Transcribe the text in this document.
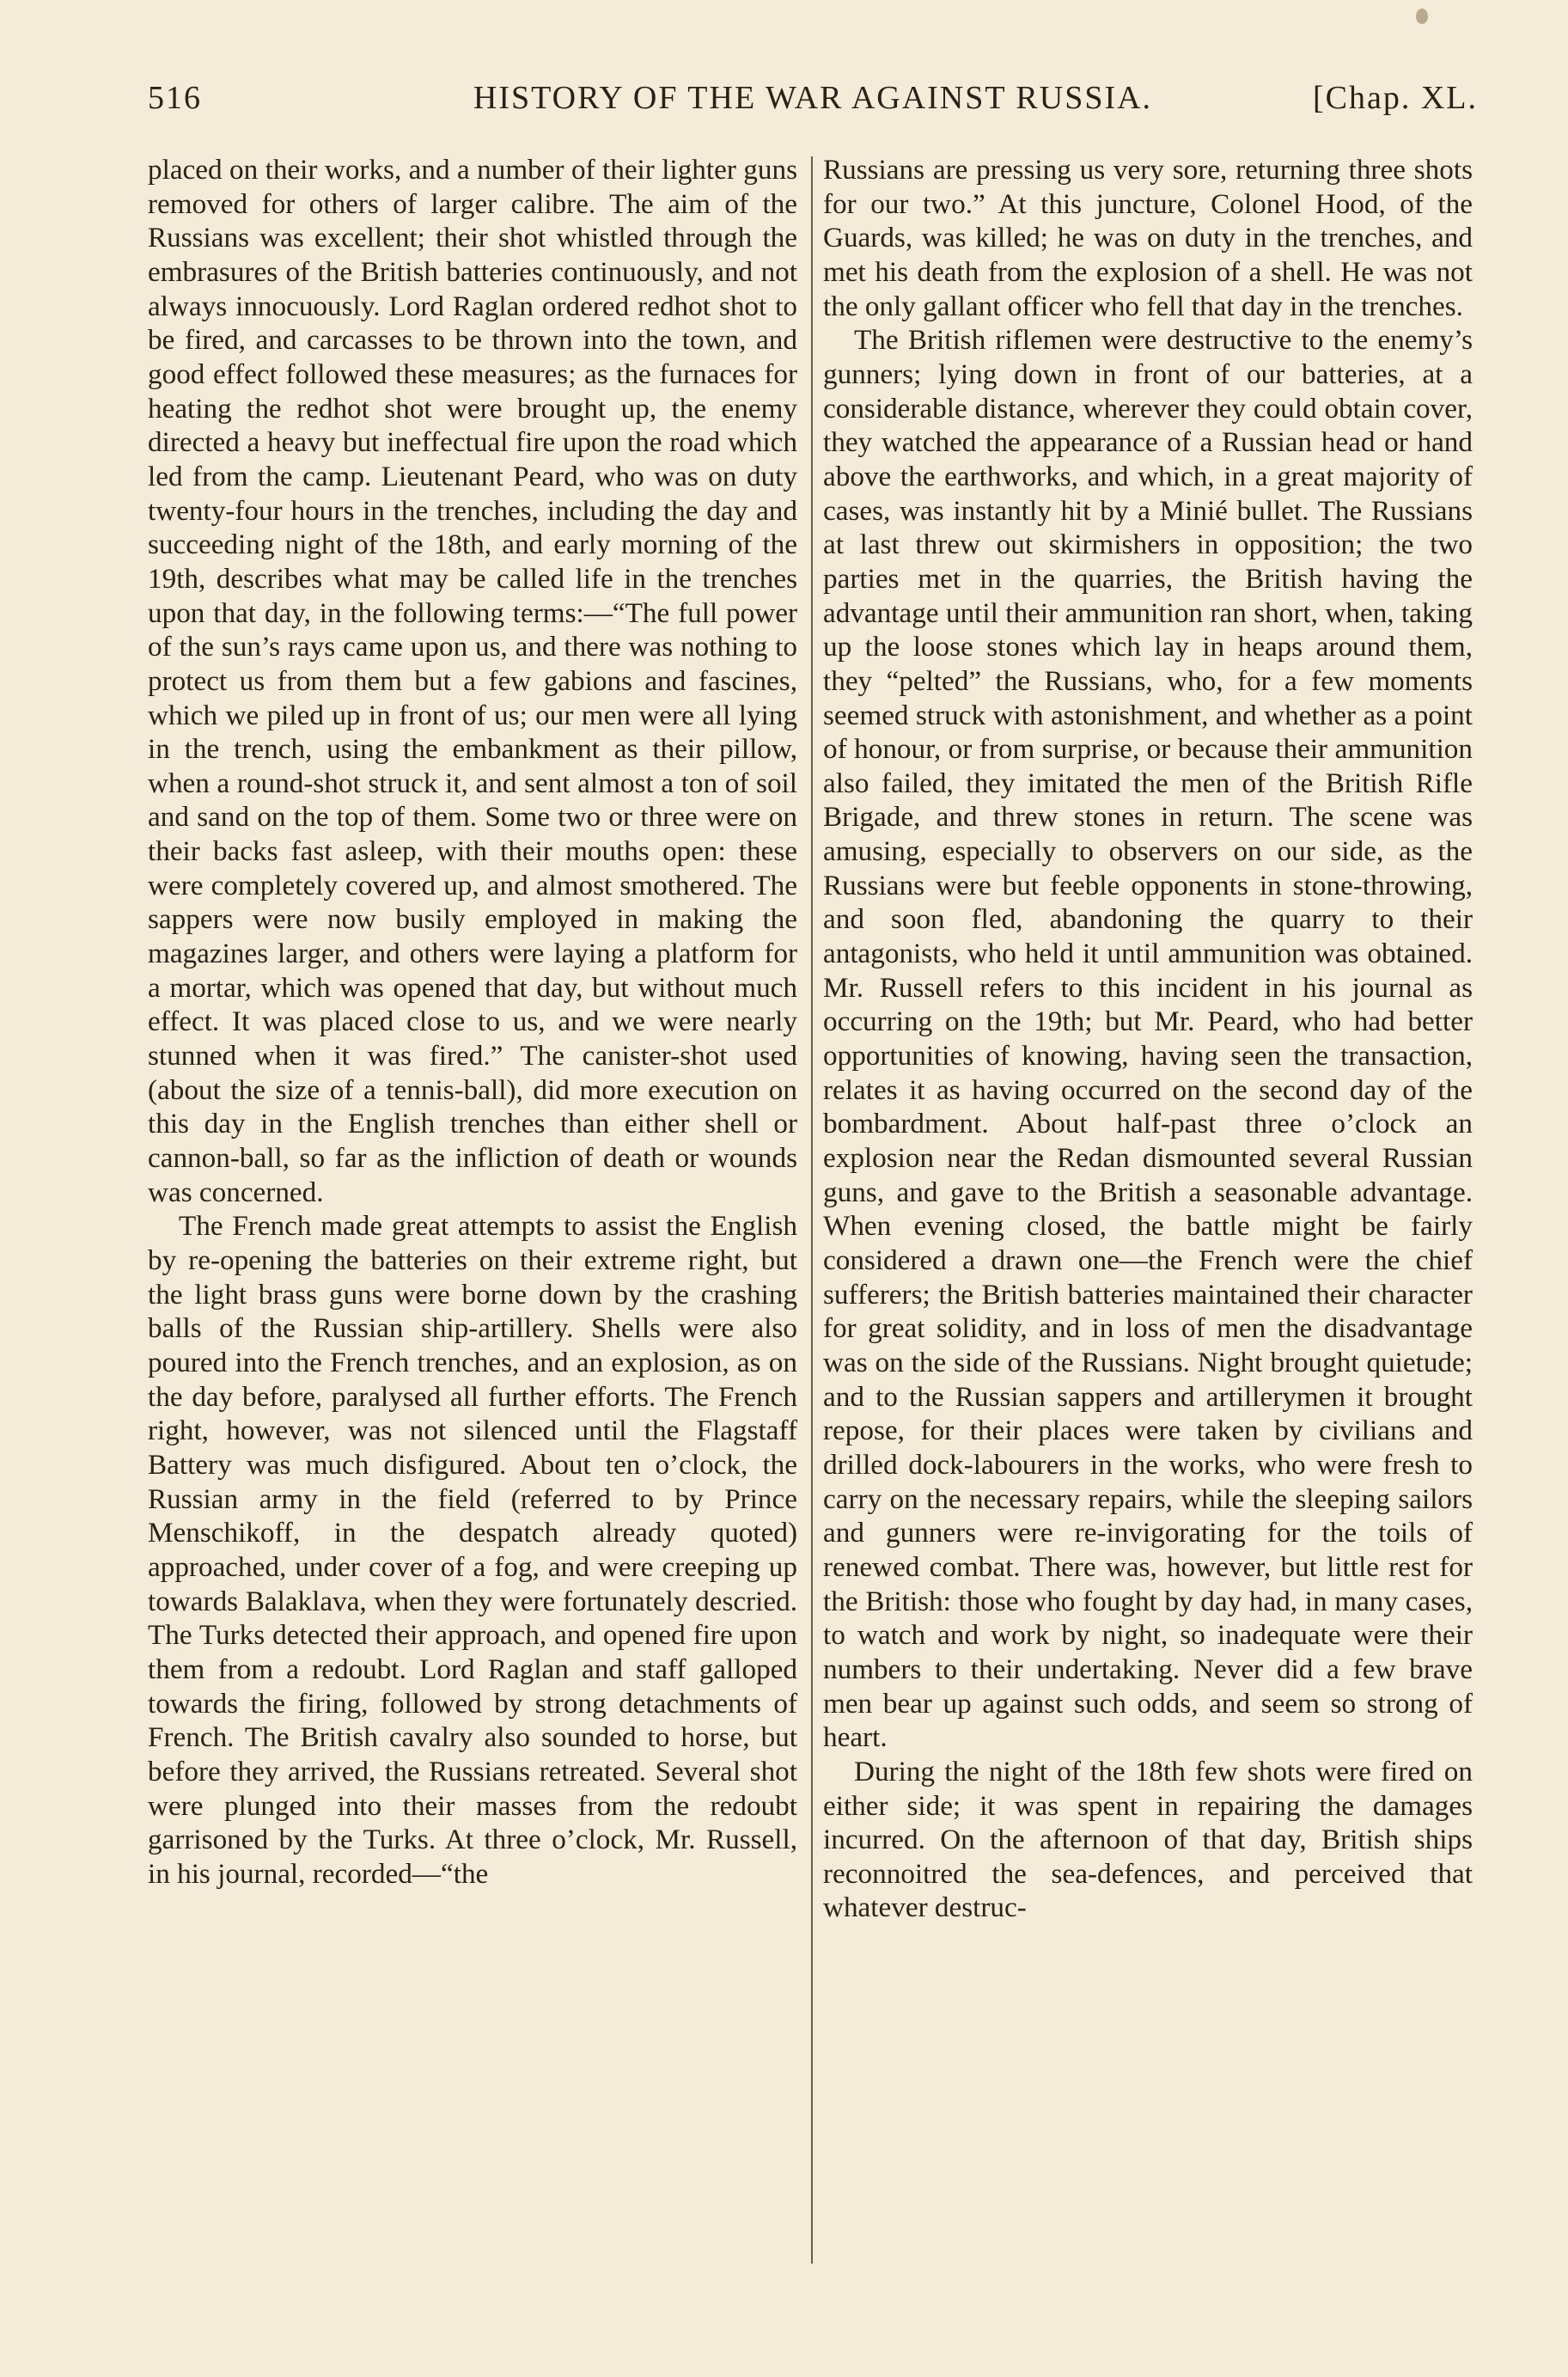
516	HISTORY OF THE WAR AGAINST RUSSIA.	[Chap. XL.

placed on their works, and a number of their lighter guns removed for others of larger calibre. The aim of the Russians was excellent; their shot whistled through the embrasures of the British batteries continuously, and not always innocuously. Lord Raglan ordered redhot shot to be fired, and carcasses to be thrown into the town, and good effect followed these measures; as the furnaces for heating the redhot shot were brought up, the enemy directed a heavy but ineffectual fire upon the road which led from the camp. Lieutenant Peard, who was on duty twenty-four hours in the trenches, including the day and succeeding night of the 18th, and early morning of the 19th, describes what may be called life in the trenches upon that day, in the following terms:—“The full power of the sun’s rays came upon us, and there was nothing to protect us from them but a few gabions and fascines, which we piled up in front of us; our men were all lying in the trench, using the embankment as their pillow, when a round-shot struck it, and sent almost a ton of soil and sand on the top of them. Some two or three were on their backs fast asleep, with their mouths open: these were completely covered up, and almost smothered. The sappers were now busily employed in making the magazines larger, and others were laying a platform for a mortar, which was opened that day, but without much effect. It was placed close to us, and we were nearly stunned when it was fired.” The canister-shot used (about the size of a tennis-ball), did more execution on this day in the English trenches than either shell or cannon-ball, so far as the infliction of death or wounds was concerned.

The French made great attempts to assist the English by re-opening the batteries on their extreme right, but the light brass guns were borne down by the crashing balls of the Russian ship-artillery. Shells were also poured into the French trenches, and an explosion, as on the day before, paralysed all further efforts. The French right, however, was not silenced until the Flagstaff Battery was much disfigured. About ten o’clock, the Russian army in the field (referred to by Prince Menschikoff, in the despatch already quoted) approached, under cover of a fog, and were creeping up towards Balaklava, when they were fortunately descried. The Turks detected their approach, and opened fire upon them from a redoubt. Lord Raglan and staff galloped towards the firing, followed by strong detachments of French. The British cavalry also sounded to horse, but before they arrived, the Russians retreated. Several shot were plunged into their masses from the redoubt garrisoned by the Turks. At three o’clock, Mr. Russell, in his journal, recorded—“the

Russians are pressing us very sore, returning three shots for our two.” At this juncture, Colonel Hood, of the Guards, was killed; he was on duty in the trenches, and met his death from the explosion of a shell. He was not the only gallant officer who fell that day in the trenches.

The British riflemen were destructive to the enemy’s gunners; lying down in front of our batteries, at a considerable distance, wherever they could obtain cover, they watched the appearance of a Russian head or hand above the earthworks, and which, in a great majority of cases, was instantly hit by a Minié bullet. The Russians at last threw out skirmishers in opposition; the two parties met in the quarries, the British having the advantage until their ammunition ran short, when, taking up the loose stones which lay in heaps around them, they “pelted” the Russians, who, for a few moments seemed struck with astonishment, and whether as a point of honour, or from surprise, or because their ammunition also failed, they imitated the men of the British Rifle Brigade, and threw stones in return. The scene was amusing, especially to observers on our side, as the Russians were but feeble opponents in stone-throwing, and soon fled, abandoning the quarry to their antagonists, who held it until ammunition was obtained. Mr. Russell refers to this incident in his journal as occurring on the 19th; but Mr. Peard, who had better opportunities of knowing, having seen the transaction, relates it as having occurred on the second day of the bombardment. About half-past three o’clock an explosion near the Redan dismounted several Russian guns, and gave to the British a seasonable advantage. When evening closed, the battle might be fairly considered a drawn one—the French were the chief sufferers; the British batteries maintained their character for great solidity, and in loss of men the disadvantage was on the side of the Russians. Night brought quietude; and to the Russian sappers and artillerymen it brought repose, for their places were taken by civilians and drilled dock-labourers in the works, who were fresh to carry on the necessary repairs, while the sleeping sailors and gunners were re-invigorating for the toils of renewed combat. There was, however, but little rest for the British: those who fought by day had, in many cases, to watch and work by night, so inadequate were their numbers to their undertaking. Never did a few brave men bear up against such odds, and seem so strong of heart.

During the night of the 18th few shots were fired on either side; it was spent in repairing the damages incurred. On the afternoon of that day, British ships reconnoitred the sea-defences, and perceived that whatever destruc-
